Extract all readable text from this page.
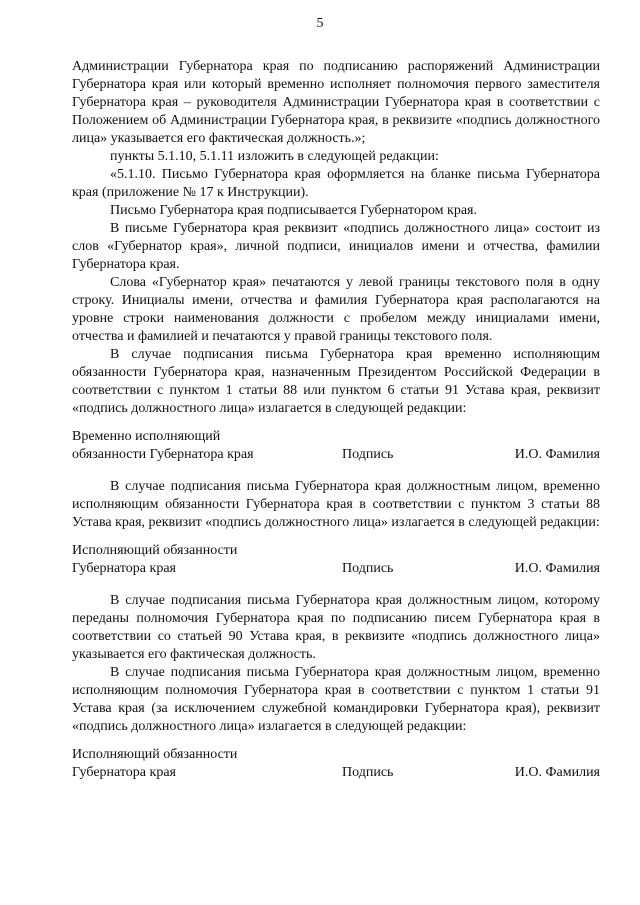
5

Администрации Губернатора края по подписанию распоряжений Администрации Губернатора края или который временно исполняет полномочия первого заместителя Губернатора края – руководителя Администрации Губернатора края в соответствии с Положением об Администрации Губернатора края, в реквизите «подпись должностного лица» указывается его фактическая должность.»;

пункты 5.1.10, 5.1.11 изложить в следующей редакции:

«5.1.10. Письмо Губернатора края оформляется на бланке письма Губернатора края (приложение № 17 к Инструкции).

Письмо Губернатора края подписывается Губернатором края.

В письме Губернатора края реквизит «подпись должностного лица» состоит из слов «Губернатор края», личной подписи, инициалов имени и отчества, фамилии Губернатора края.

Слова «Губернатор края» печатаются у левой границы текстового поля в одну строку. Инициалы имени, отчества и фамилия Губернатора края располагаются на уровне строки наименования должности с пробелом между инициалами имени, отчества и фамилией и печатаются у правой границы текстового поля.

В случае подписания письма Губернатора края временно исполняющим обязанности Губернатора края, назначенным Президентом Российской Федерации в соответствии с пунктом 1 статьи 88 или пунктом 6 статьи 91 Устава края, реквизит «подпись должностного лица» излагается в следующей редакции:

Временно исполняющий
обязанности Губернатора края	Подпись	И.О. Фамилия

В случае подписания письма Губернатора края должностным лицом, временно исполняющим обязанности Губернатора края в соответствии с пунктом 3 статьи 88 Устава края, реквизит «подпись должностного лица» излагается в следующей редакции:

Исполняющий обязанности
Губернатора края	Подпись	И.О. Фамилия

В случае подписания письма Губернатора края должностным лицом, которому переданы полномочия Губернатора края по подписанию писем Губернатора края в соответствии со статьей 90 Устава края, в реквизите «подпись должностного лица» указывается его фактическая должность.

В случае подписания письма Губернатора края должностным лицом, временно исполняющим полномочия Губернатора края в соответствии с пунктом 1 статьи 91 Устава края (за исключением служебной командировки Губернатора края), реквизит «подпись должностного лица» излагается в следующей редакции:

Исполняющий обязанности
Губернатора края	Подпись	И.О. Фамилия
